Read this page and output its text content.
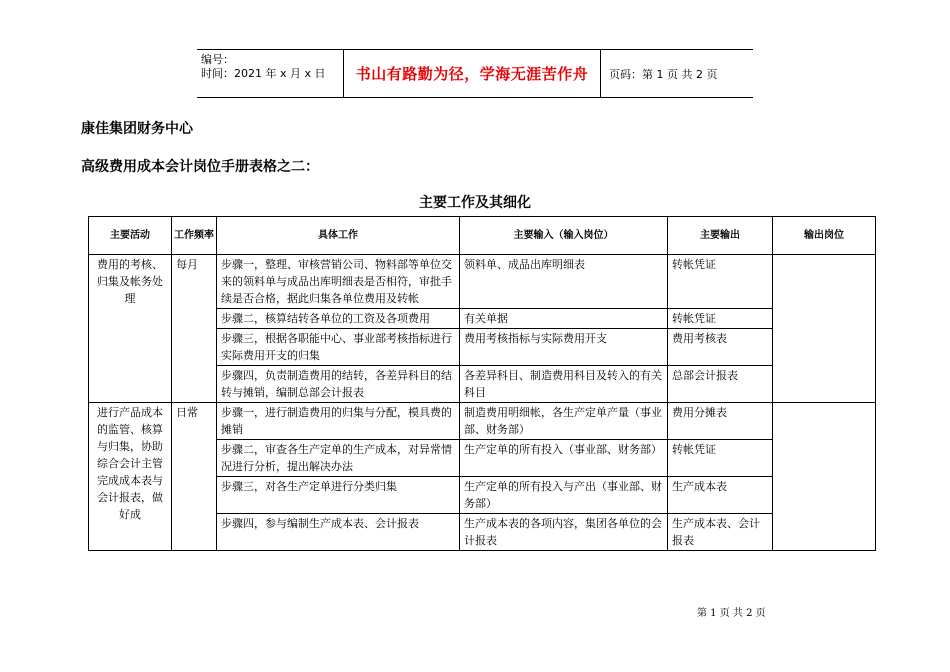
编号：
时间：2021 年 x 月 x 日 书山有路勤为径，学海无涯苦作舟 页码：第 1 页 共 2 页
康佳集团财务中心
高级费用成本会计岗位手册表格之二：
主要工作及其细化
主要活动	工作频率	具体工作	主要输入（输入岗位）	主要输出	输出岗位
费用的考核、归集及帐务处理	每月	步骤一，整理、审核营销公司、物料部等单位交来的领料单与成品出库明细表是否相符，审批手续是否合格，据此归集各单位费用及转帐	领料单、成品出库明细表	转帐凭证	
		步骤二，核算结转各单位的工资及各项费用	有关单据	转帐凭证	
		步骤三，根据各职能中心、事业部考核指标进行实际费用开支的归集	费用考核指标与实际费用开支	费用考核表	
		步骤四，负责制造费用的结转，各差异科目的结转与摊销，编制总部会计报表	各差异科目、制造费用科目及转入的有关科目	总部会计报表	
进行产品成本的监管、核算与归集，协助综合会计主管完成成本表与会计报表，做好成	日常	步骤一，进行制造费用的归集与分配，模具费的摊销	制造费用明细帐，各生产定单产量（事业部、财务部）	费用分摊表	
		步骤二，审查各生产定单的生产成本，对异常情况进行分析，提出解决办法	生产定单的所有投入（事业部、财务部）	转帐凭证	
		步骤三，对各生产定单进行分类归集	生产定单的所有投入与产出（事业部、财务部）	生产成本表	
		步骤四，参与编制生产成本表、会计报表	生产成本表的各项内容，集团各单位的会计报表	生产成本表、会计报表	
第 1 页 共 2 页
